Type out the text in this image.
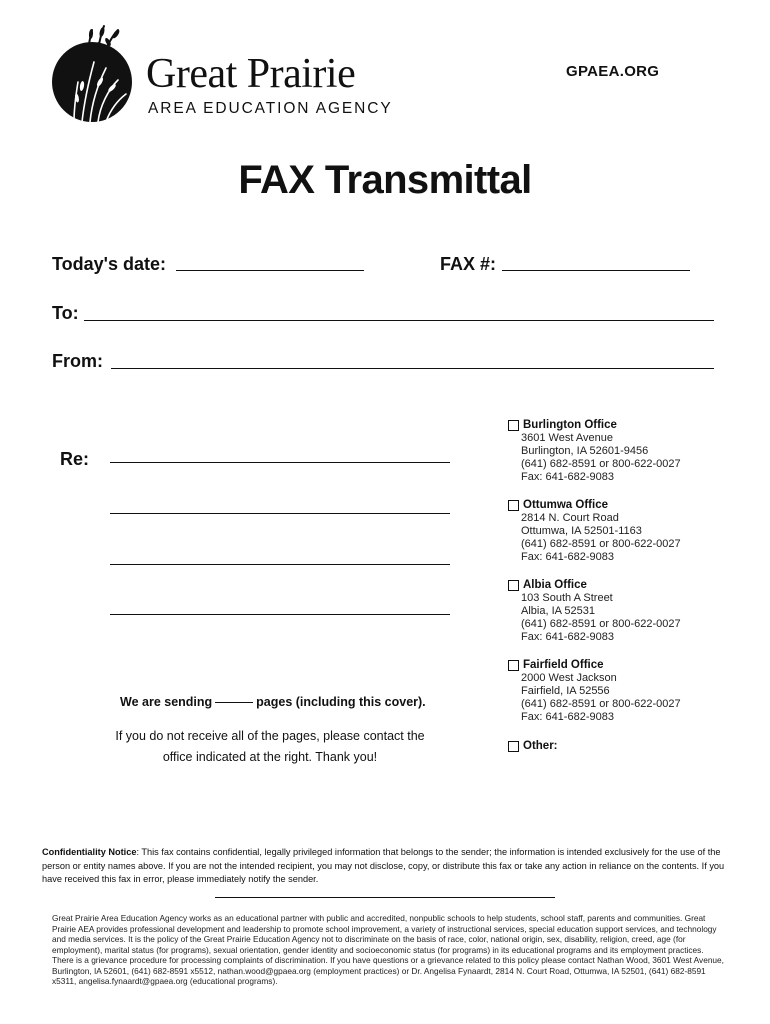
Great Prairie
AREA EDUCATION AGENCY
GPAEA.ORG
FAX Transmittal
Today's date:	FAX #:
To:
From:
Re:
We are sending	pages (including this cover).
If you do not receive all of the pages, please contact the
office indicated at the right. Thank you!
Burlington Office
3601 West Avenue
Burlington, IA 52601-9456
(641) 682-8591 or 800-622-0027
Fax: 641-682-9083
Ottumwa Office
2814 N. Court Road
Ottumwa, IA 52501-1163
(641) 682-8591 or 800-622-0027
Fax: 641-682-9083
Albia Office
103 South A Street
Albia, IA 52531
(641) 682-8591 or 800-622-0027
Fax: 641-682-9083
Fairfield Office
2000 West Jackson
Fairfield, IA 52556
(641) 682-8591 or 800-622-0027
Fax: 641-682-9083
Other:
Confidentiality Notice: This fax contains confidential, legally privileged information that belongs to the sender; the information is intended exclusively for the use of the person or entity names above. If you are not the intended recipient, you may not disclose, copy, or distribute this fax or take any action in reliance on the contents. If you have received this fax in error, please immediately notify the sender.
Great Prairie Area Education Agency works as an educational partner with public and accredited, nonpublic schools to help students, school staff, parents and communities. Great Prairie AEA provides professional development and leadership to promote school improvement, a variety of instructional services, special education support services, and technology and media services. It is the policy of the Great Prairie Education Agency not to discriminate on the basis of race, color, national origin, sex, disability, religion, creed, age (for employment), marital status (for programs), sexual orientation, gender identity and socioeconomic status (for programs) in its educational programs and its employment practices. There is a grievance procedure for processing complaints of discrimination. If you have questions or a grievance related to this policy please contact Nathan Wood, 3601 West Avenue, Burlington, IA 52601, (641) 682-8591 x5512, nathan.wood@gpaea.org (employment practices) or Dr. Angelisa Fynaardt, 2814 N. Court Road, Ottumwa, IA 52501, (641) 682-8591 x5311, angelisa.fynaardt@gpaea.org (educational programs).
